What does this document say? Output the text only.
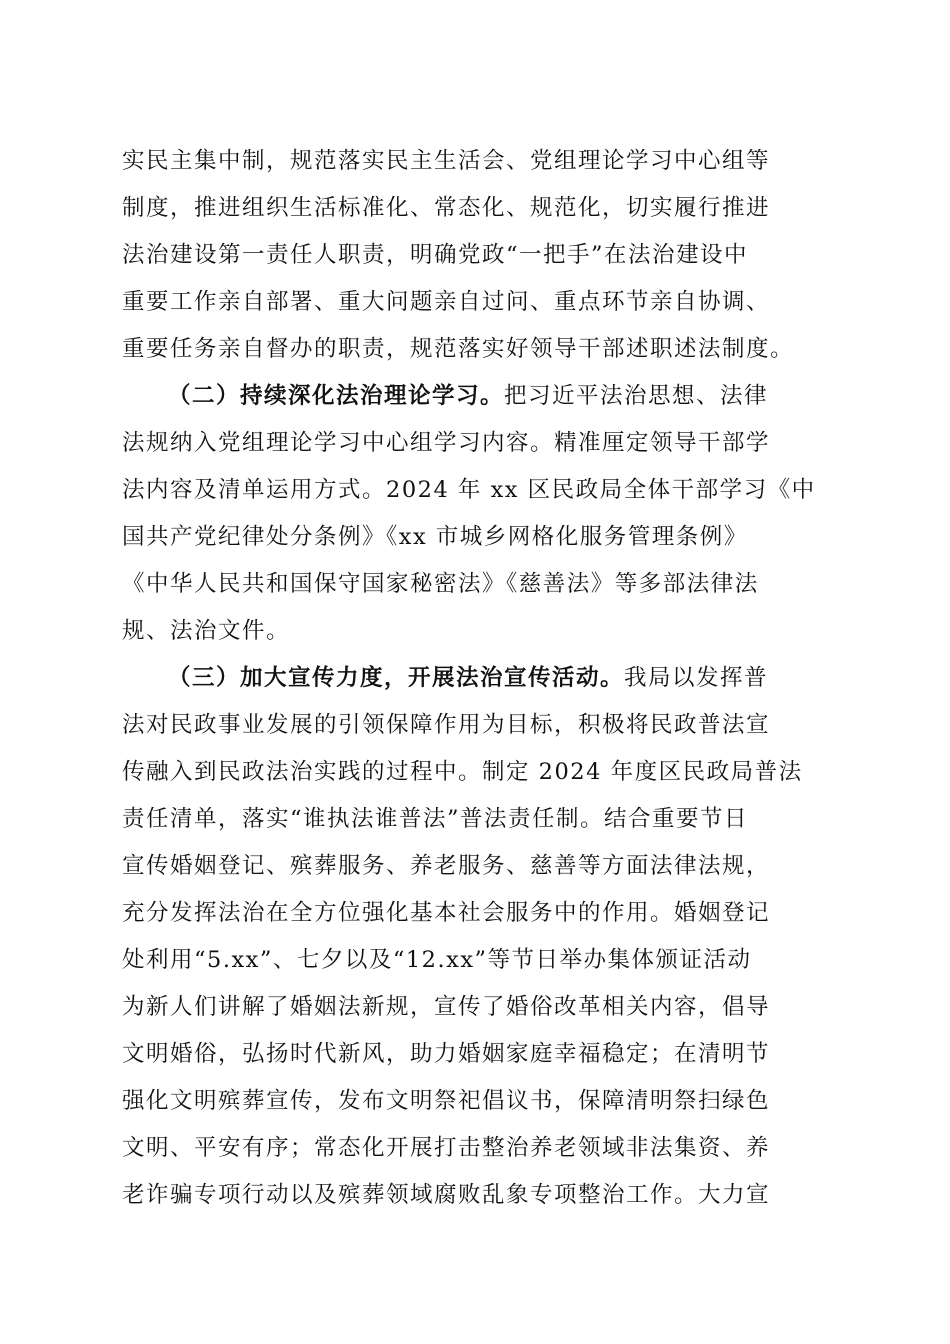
实民主集中制，规范落实民主生活会、党组理论学习中心组等
制度，推进组织生活标准化、常态化、规范化，切实履行推进
法治建设第一责任人职责，明确党政“一把手”在法治建设中
重要工作亲自部署、重大问题亲自过问、重点环节亲自协调、
重要任务亲自督办的职责，规范落实好领导干部述职述法制度。
（二）持续深化法治理论学习。把习近平法治思想、法律
法规纳入党组理论学习中心组学习内容。精准厘定领导干部学
法内容及清单运用方式。2024 年 xx 区民政局全体干部学习《中
国共产党纪律处分条例》《xx 市城乡网格化服务管理条例》
《中华人民共和国保守国家秘密法》《慈善法》等多部法律法
规、法治文件。
（三）加大宣传力度，开展法治宣传活动。我局以发挥普
法对民政事业发展的引领保障作用为目标，积极将民政普法宣
传融入到民政法治实践的过程中。制定 2024 年度区民政局普法
责任清单，落实“谁执法谁普法”普法责任制。结合重要节日
宣传婚姻登记、殡葬服务、养老服务、慈善等方面法律法规，
充分发挥法治在全方位强化基本社会服务中的作用。婚姻登记
处利用“5.xx”、七夕以及“12.xx”等节日举办集体颁证活动
为新人们讲解了婚姻法新规，宣传了婚俗改革相关内容，倡导
文明婚俗，弘扬时代新风，助力婚姻家庭幸福稳定；在清明节
强化文明殡葬宣传，发布文明祭祀倡议书，保障清明祭扫绿色
文明、平安有序；常态化开展打击整治养老领域非法集资、养
老诈骗专项行动以及殡葬领域腐败乱象专项整治工作。大力宣
